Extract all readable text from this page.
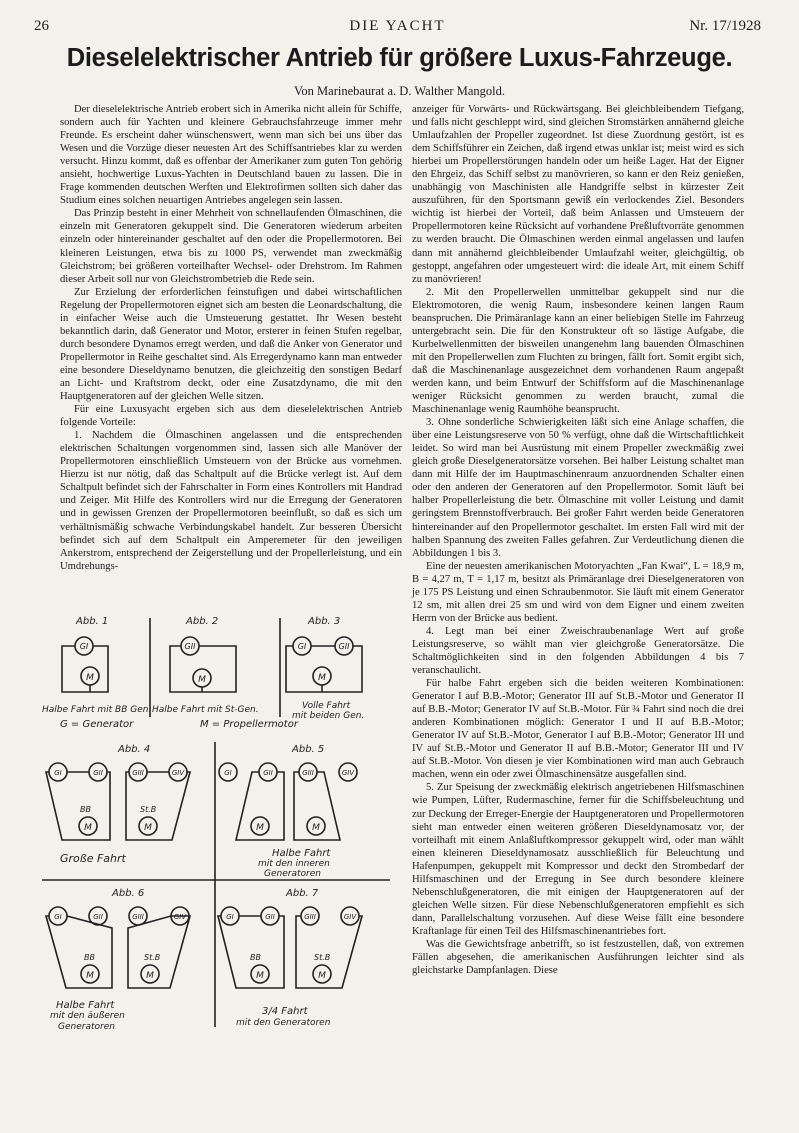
26	DIE YACHT	Nr. 17/1928
Dieselelektrischer Antrieb für größere Luxus-Fahrzeuge.
Von Marinebaurat a. D. Walther Mangold.

Der dieselelektrische Antrieb erobert sich in Amerika nicht allein für Schiffe, sondern auch für Yachten und kleinere Gebrauchsfahrzeuge immer mehr Freunde. Es erscheint daher wünschenswert, wenn man sich bei uns über das Wesen und die Vorzüge dieser neuesten Art des Schiffsantriebes klar zu werden versucht. Hinzu kommt, daß es offenbar der Amerikaner zum guten Ton gehörig ansieht, hochwertige Luxus-Yachten in Deutschland bauen zu lassen. Die in Frage kommenden deutschen Werften und Elektrofirmen sollten sich daher das Studium eines solchen neuartigen Antriebes angelegen sein lassen.

Das Prinzip besteht in einer Mehrheit von schnellaufenden Ölmaschinen, die einzeln mit Generatoren gekuppelt sind. Die Generatoren wiederum arbeiten einzeln oder hintereinander geschaltet auf den oder die Propellermotoren. Bei kleineren Leistungen, etwa bis zu 1000 PS, verwendet man zweckmäßig Gleichstrom; bei größeren vorteilhafter Wechsel- oder Drehstrom. Im Rahmen dieser Arbeit soll nur von Gleichstrombetrieb die Rede sein.

Zur Erzielung der erforderlichen feinstufigen und dabei wirtschaftlichen Regelung der Propellermotoren eignet sich am besten die Leonardschaltung, die in einfacher Weise auch die Umsteuerung gestattet. Ihr Wesen besteht bekanntlich darin, daß Generator und Motor, ersterer in feinen Stufen regelbar, durch besondere Dynamos erregt werden, und daß die Anker von Generator und Propellermotor in Reihe geschaltet sind. Als Erregerdynamo kann man entweder eine besondere Dieseldynamo benutzen, die gleichzeitig den sonstigen Bedarf an Licht- und Kraftstrom deckt, oder eine Zusatzdynamo, die mit den Hauptgeneratoren auf der gleichen Welle sitzen.

Für eine Luxusyacht ergeben sich aus dem dieselelektrischen Antrieb folgende Vorteile:

1. Nachdem die Ölmaschinen angelassen und die entsprechenden elektrischen Schaltungen vorgenommen sind, lassen sich alle Manöver der Propellermotoren einschließlich Umsteuern von der Brücke aus vornehmen. Hierzu ist nur nötig, daß das Schaltpult auf die Brücke verlegt ist. Auf dem Schaltpult befindet sich der Fahrschalter in Form eines Kontrollers mit Handrad und Zeiger. Mit Hilfe des Kontrollers wird nur die Erregung der Generatoren und in gewissen Grenzen der Propellermotoren beeinflußt, so daß es sich um verhältnismäßig schwache Verbindungskabel handelt. Zur besseren Übersicht befindet sich auf dem Schaltpult ein Amperemeter für den jeweiligen Ankerstrom, entsprechend der Zeigerstellung und der Propellerleistung, und ein Umdrehungs-

anzeiger für Vorwärts- und Rückwärtsgang. Bei gleichbleibendem Tiefgang, und falls nicht geschleppt wird, sind gleichen Stromstärken annähernd gleiche Umlaufzahlen der Propeller zugeordnet. Ist diese Zuordnung gestört, ist es dem Schiffsführer ein Zeichen, daß irgend etwas unklar ist; meist wird es sich hierbei um Propellerstörungen handeln oder um heiße Lager. Hat der Eigner den Ehrgeiz, das Schiff selbst zu manövrieren, so kann er den Reiz genießen, unabhängig von Maschinisten alle Handgriffe selbst in kürzester Zeit auszuführen, für den Sportsmann gewiß ein verlockendes Ziel. Besonders wichtig ist hierbei der Vorteil, daß beim Anlassen und Umsteuern der Propellermotoren keine Rücksicht auf vorhandene Preßluftvorräte genommen zu werden braucht. Die Ölmaschinen werden einmal angelassen und laufen dann mit annähernd gleichbleibender Umlaufzahl weiter, gleichgültig, ob gestoppt, angefahren oder umgesteuert wird: die ideale Art, mit einem Schiff zu manövrieren!

2. Mit den Propellerwellen unmittelbar gekuppelt sind nur die Elektromotoren, die wenig Raum, insbesondere keinen langen Raum beanspruchen. Die Primäranlage kann an einer beliebigen Stelle im Fahrzeug untergebracht sein. Die für den Konstrukteur oft so lästige Aufgabe, die Kurbelwellenmitten der bisweilen unangenehm lang bauenden Ölmaschinen mit den Propellerwellen zum Fluchten zu bringen, fällt fort. Somit ergibt sich, daß die Maschinenanlage ausgezeichnet dem vorhandenen Raum angepaßt werden kann, und beim Entwurf der Schiffsform auf die Maschinenanlage weniger Rücksicht genommen zu werden braucht, zumal die Maschinenanlage wenig Raumhöhe beansprucht.

3. Ohne sonderliche Schwierigkeiten läßt sich eine Anlage schaffen, die über eine Leistungsreserve von 50 % verfügt, ohne daß die Wirtschaftlichkeit leidet. So wird man bei Ausrüstung mit einem Propeller zweckmäßig zwei gleich große Dieselgeneratorsätze vorsehen. Bei halber Leistung schaltet man dann mit Hilfe der im Hauptmaschinenraum anzuordnenden Schalter einen oder den anderen der Generatoren auf den Propellermotor. Somit läuft bei halber Propellerleistung die betr. Ölmaschine mit voller Leistung und damit geringstem Brennstoffverbrauch. Bei großer Fahrt werden beide Generatoren hintereinander auf den Propellermotor geschaltet. Im ersten Fall wird mit der halben Spannung des zweiten Falles gefahren. Zur Verdeutlichung dienen die Abbildungen 1 bis 3.

Eine der neuesten amerikanischen Motoryachten „Fan Kwai“, L = 18,9 m, B = 4,27 m, T = 1,17 m, besitzt als Primäranlage drei Dieselgeneratoren von je 175 PS Leistung und einen Schraubenmotor. Sie läuft mit einem Generator 12 sm, mit allen drei 25 sm und wird von dem Eigner und einem zweiten Herrn von der Brücke aus bedient.

4. Legt man bei einer Zweischraubenanlage Wert auf große Leistungsreserve, so wählt man vier gleichgroße Generatorsätze. Die Schaltmöglichkeiten sind in den folgenden Abbildungen 4 bis 7 veranschaulicht.

Für halbe Fahrt ergeben sich die beiden weiteren Kombinationen: Generator I auf B.B.-Motor; Generator III auf St.B.-Motor und Generator II auf B.B.-Motor; Generator IV auf St.B.-Motor. Für ¾ Fahrt sind noch die drei anderen Kombinationen möglich: Generator I und II auf B.B.-Motor; Generator IV auf St.B.-Motor, Generator I auf B.B.-Motor; Generator III und IV auf St.B.-Motor und Generator II auf B.B.-Motor; Generator III und IV auf St.B.-Motor. Von diesen je vier Kombinationen wird man auch Gebrauch machen, wenn ein oder zwei Ölmaschinensätze ausgefallen sind.

5. Zur Speisung der zweckmäßig elektrisch angetriebenen Hilfsmaschinen wie Pumpen, Lüfter, Rudermaschine, ferner für die Schiffsbeleuchtung und zur Deckung der Erreger-Energie der Hauptgeneratoren und Propellermotoren sieht man entweder einen weiteren größeren Dieseldynamosatz vor, der vorteilhaft mit einem Anlaßluftkompressor gekuppelt wird, oder man wählt einen kleineren Dieseldynamosatz ausschließlich für Beleuchtung und Hafenpumpen, gekuppelt mit Kompressor und deckt den Strombedarf der Hilfsmaschinen und der Erregung in See durch besondere kleinere Nebenschlußgeneratoren, die mit einigen der Hauptgeneratoren auf der gleichen Welle sitzen. Für diese Nebenschlußgeneratoren empfiehlt es sich dann, Parallelschaltung vorzusehen. Auf diese Weise fällt eine besondere Kraftanlage für einen Teil des Hilfsmaschinenantriebes fort.

Was die Gewichtsfrage anbetrifft, so ist festzustellen, daß, von extremen Fällen abgesehen, die amerikanischen Ausführungen leichter sind als gleichstarke Dampfanlagen. Diese

Abb. 1
GI
M
Halbe Fahrt mit BB Gen.
Abb. 2
GII
M
Halbe Fahrt mit St-Gen.
Abb. 3
GI	GII
M
Volle Fahrt
mit beiden Gen.
G = Generator	M = Propellermotor
Abb. 4
GI	GII	GIII	GIV
M	M
BB	St.B
Große Fahrt
Abb. 5
GI	GII	GIII	GIV
M	M
Halbe Fahrt
mit den inneren
Generatoren
Abb. 6
GI	GII	GIII	GIV
M	M
BB	St.B
Halbe Fahrt
mit den äußeren
Generatoren
Abb. 7
GI	GII	GIII	GIV
M	M
BB	St.B
3/4 Fahrt
mit den Generatoren
